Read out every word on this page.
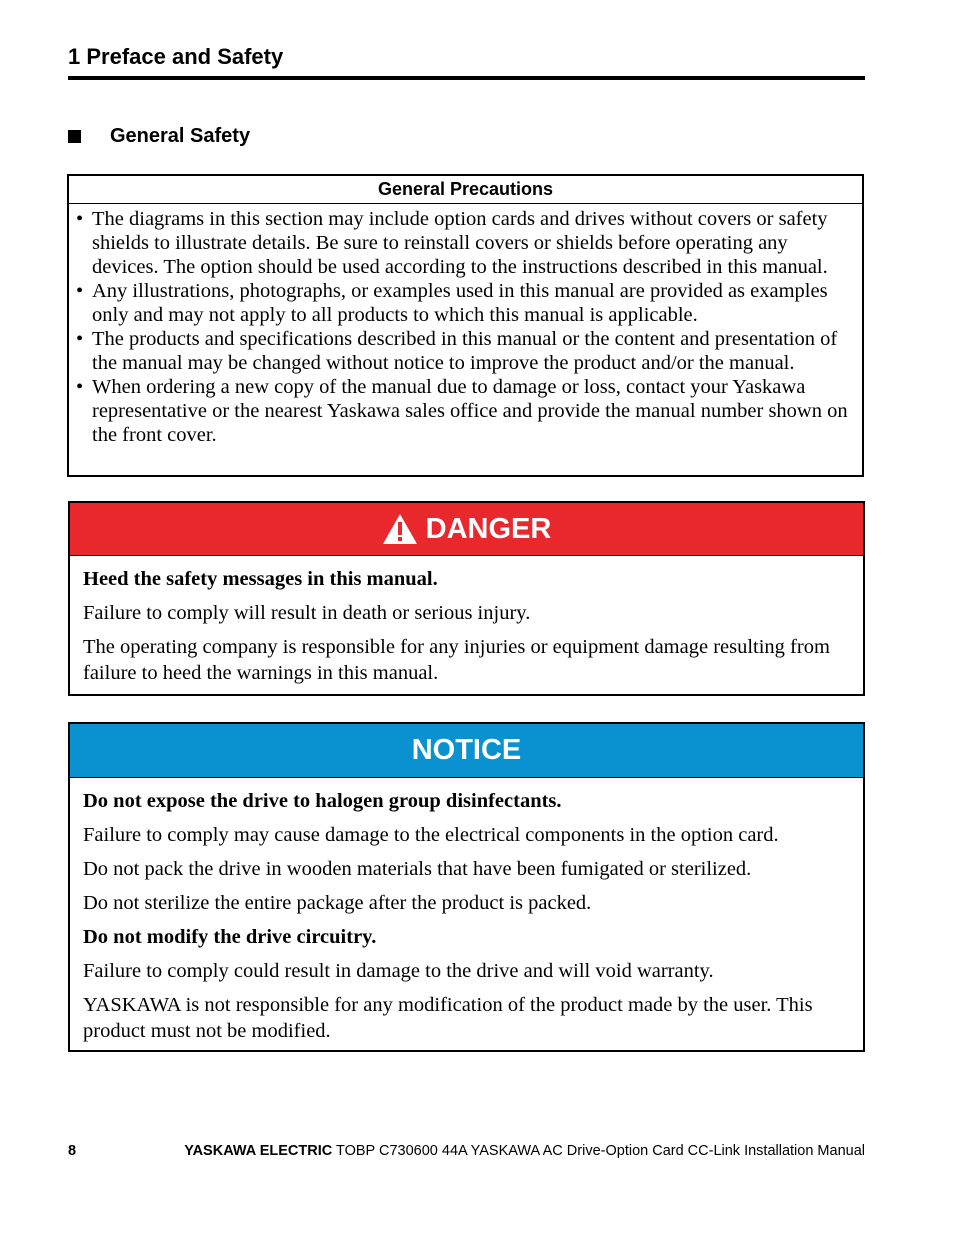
1 Preface and Safety
General Safety
General Precautions
• The diagrams in this section may include option cards and drives without covers or safety shields to illustrate details. Be sure to reinstall covers or shields before operating any devices. The option should be used according to the instructions described in this manual.
• Any illustrations, photographs, or examples used in this manual are provided as examples only and may not apply to all products to which this manual is applicable.
• The products and specifications described in this manual or the content and presentation of the manual may be changed without notice to improve the product and/or the manual.
• When ordering a new copy of the manual due to damage or loss, contact your Yaskawa representative or the nearest Yaskawa sales office and provide the manual number shown on the front cover.
DANGER

Heed the safety messages in this manual.

Failure to comply will result in death or serious injury.

The operating company is responsible for any injuries or equipment damage resulting from failure to heed the warnings in this manual.

NOTICE

Do not expose the drive to halogen group disinfectants.

Failure to comply may cause damage to the electrical components in the option card.

Do not pack the drive in wooden materials that have been fumigated or sterilized.

Do not sterilize the entire package after the product is packed.

Do not modify the drive circuitry.

Failure to comply could result in damage to the drive and will void warranty.

YASKAWA is not responsible for any modification of the product made by the user. This product must not be modified.

8	YASKAWA ELECTRIC TOBP C730600 44A YASKAWA AC Drive-Option Card CC-Link Installation Manual
